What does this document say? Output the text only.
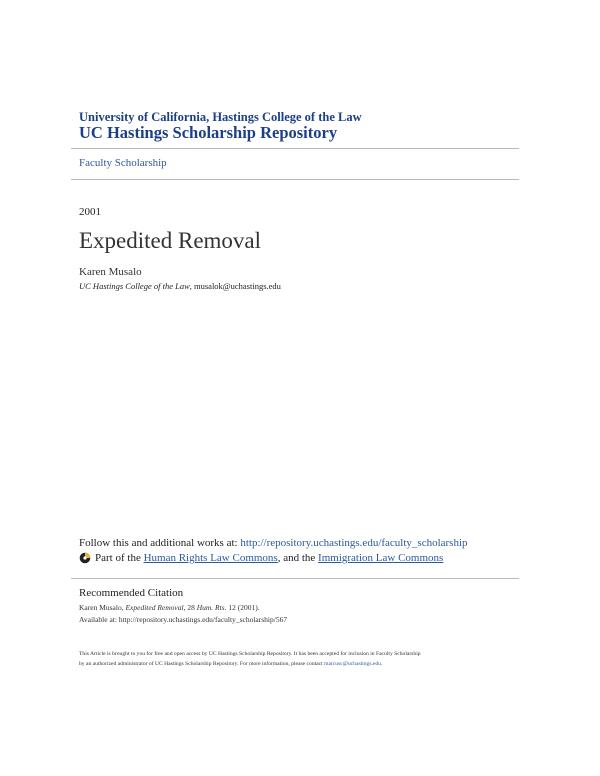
University of California, Hastings College of the Law
UC Hastings Scholarship Repository
Faculty Scholarship
2001
Expedited Removal
Karen Musalo
UC Hastings College of the Law, musalok@uchastings.edu
Follow this and additional works at: http://repository.uchastings.edu/faculty_scholarship
Part of the
Human Rights Law Commons , and the
Immigration Law Commons
Recommended Citation
Karen Musalo, Expedited Removal, 28 Hum. Rts. 12 (2001).
Available at: http://repository.uchastings.edu/faculty_scholarship/567
This Article is brought to you for free and open access by UC Hastings Scholarship Repository. It has been accepted for inclusion in Faculty Scholarship
by an authorized administrator of UC Hastings Scholarship Repository. For more information, please contact marcusc@uchastings.edu.
